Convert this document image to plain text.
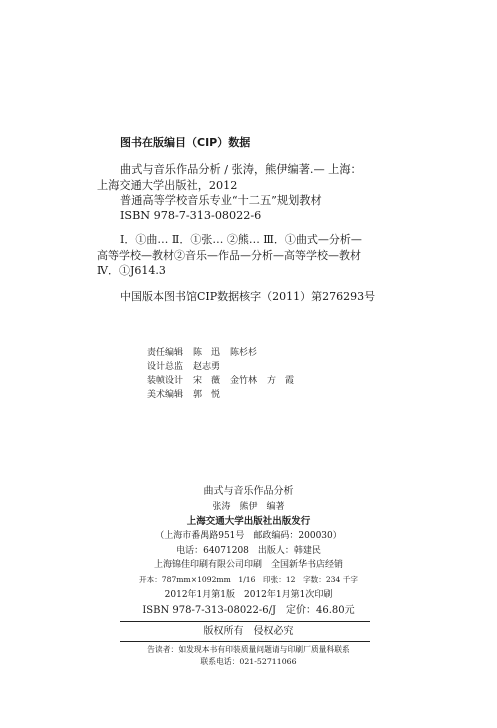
图书在版编目（CIP）数据
曲式与音乐作品分析 / 张涛，熊伊编著.— 上海：
上海交通大学出版社，2012
普通高等学校音乐专业“十二五”规划教材
ISBN 978-7-313-08022-6
Ⅰ．①曲… Ⅱ．①张… ②熊… Ⅲ．①曲式—分析—
高等学校—教材②音乐—作品—分析—高等学校—教材
Ⅳ．①J614.3
中国版本图书馆CIP数据核字（2011）第276293号
责任编辑 陈　迅 陈杉杉
设计总监 赵志勇
装帧设计 宋　薇 金竹林 方　霞
美术编辑 郭　悦
曲式与音乐作品分析
张涛　熊伊　编著
上海交通大学出版社出版发行
（上海市番禺路951号　邮政编码：200030）
电话：64071208　出版人：韩建民
上海锦佳印刷有限公司印刷　全国新华书店经销
开本：787mm×1092mm　1/16　印张：12　字数：234 千字
2012年1月第1版　2012年1月第1次印刷
ISBN 978-7-313-08022-6/J　定价：46.80元
版权所有　侵权必究
告读者：如发现本书有印装质量问题请与印刷厂质量科联系
联系电话：021-52711066
